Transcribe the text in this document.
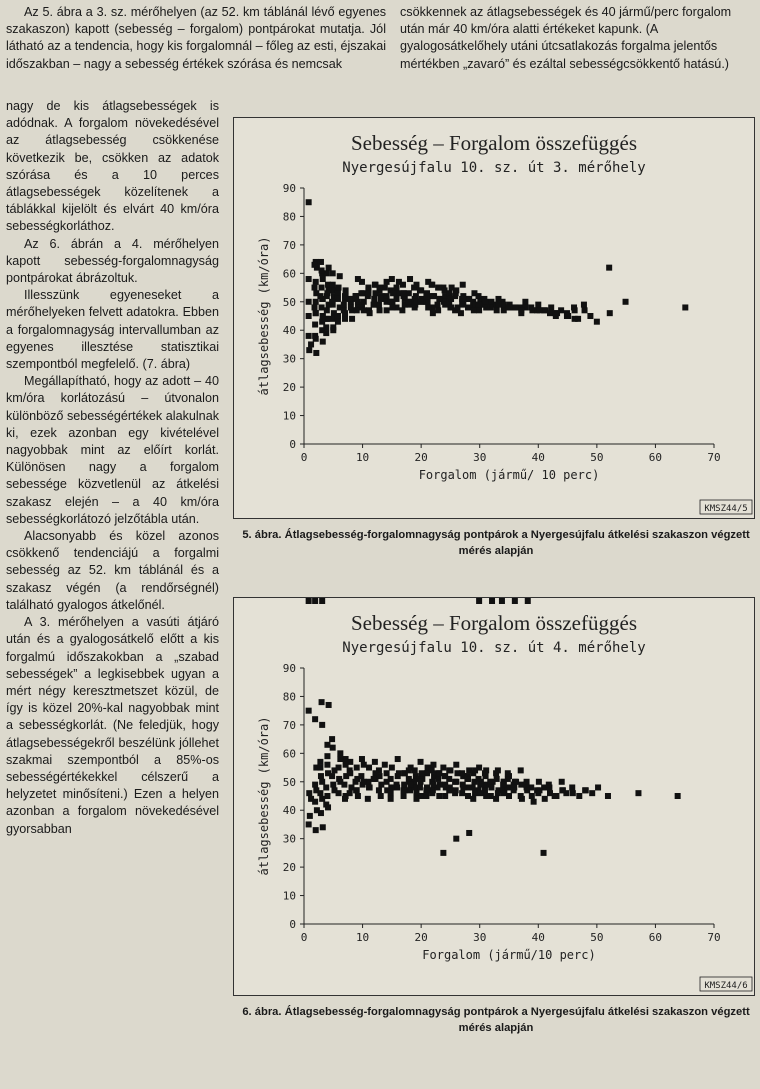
Az 5. ábra a 3. sz. mérőhelyen (az 52. km táblánál lévő egyenes szakaszon) kapott (sebesség – forgalom) pontpárokat mutatja. Jól látható az a tendencia, hogy kis forgalomnál – főleg az esti, éjszakai időszakban – nagy a sebesség értékek szórása és nemcsak

nagy de kis átlagsebességek is adódnak. A forgalom növekedésével az átlagsebesség csökkenése következik be, csökken az adatok szórása és a 10 perces átlagsebességek közelítenek a táblákkal kijelölt és elvárt 40 km/óra sebességkorláthoz.

Az 6. ábrán a 4. mérőhelyen kapott sebesség-forgalomnagyság pontpárokat ábrázoltuk.

Illesszünk egyeneseket a mérőhelyeken felvett adatokra. Ebben a forgalomnagyság intervallumban az egyenes illesztése statisztikai szempontból megfelelő. (7. ábra)

Megállapítható, hogy az adott – 40 km/óra korlátozású – útvonalon különböző sebességértékek alakulnak ki, ezek azonban egy kivételével nagyobbak mint az előírt korlát. Különösen nagy a forgalom sebessége közvetlenül az átkelési szakasz elején – a 40 km/óra sebességkorlátozó jelzőtábla után.

Alacsonyabb és közel azonos csökkenő tendenciájú a forgalmi sebesség az 52. km táblánál és a szakasz végén (a rendőrségnél) található gyalogos átkelőnél.

A 3. mérőhelyen a vasúti átjáró után és a gyalogosátkelő előtt a kis forgalmú időszakokban a „szabad sebességek” a legkisebbek ugyan a mért négy keresztmetszet közül, de így is közel 20%-kal nagyobbak mint a sebességkorlát. (Ne feledjük, hogy átlagsebességekről beszélünk jóllehet szakmai szempontból a 85%-os sebességértékekkel célszerű a helyzetet minősíteni.) Ezen a helyen azonban a forgalom növekedésével gyorsabban

csökkennek az átlagsebességek és 40 jármű/perc forgalom után már 40 km/óra alatti értékeket kapunk. (A gyalogosátkelőhely utáni útcsatlakozás forgalma jelentős mértékben „zavaró” és ezáltal sebességcsökkentő hatású.)

Sebesség – Forgalom összefüggés
Nyergesújfalu 10. sz. út 3. mérőhely
0
10
20
30
40
50
60
70
80
90
0	10	20	30	40	50	60	70
Forgalom (jármű/ 10 perc)
átlagsebesség (km/óra)
KMSZ44/5
5. ábra. Átlagsebesség-forgalomnagyság pontpárok a Nyergesújfalu átkelési szakaszon végzett mérés alapján
Sebesség – Forgalom összefüggés
Nyergesújfalu 10. sz. út 4. mérőhely
0
10
20
30
40
50
60
70
80
90
0	10	20	30	40	50	60	70
Forgalom (jármű/10 perc)
átlagsebesség (km/óra)
KMSZ44/6
6. ábra. Átlagsebesség-forgalomnagyság pontpárok a Nyergesújfalu átkelési szakaszon végzett mérés alapján
